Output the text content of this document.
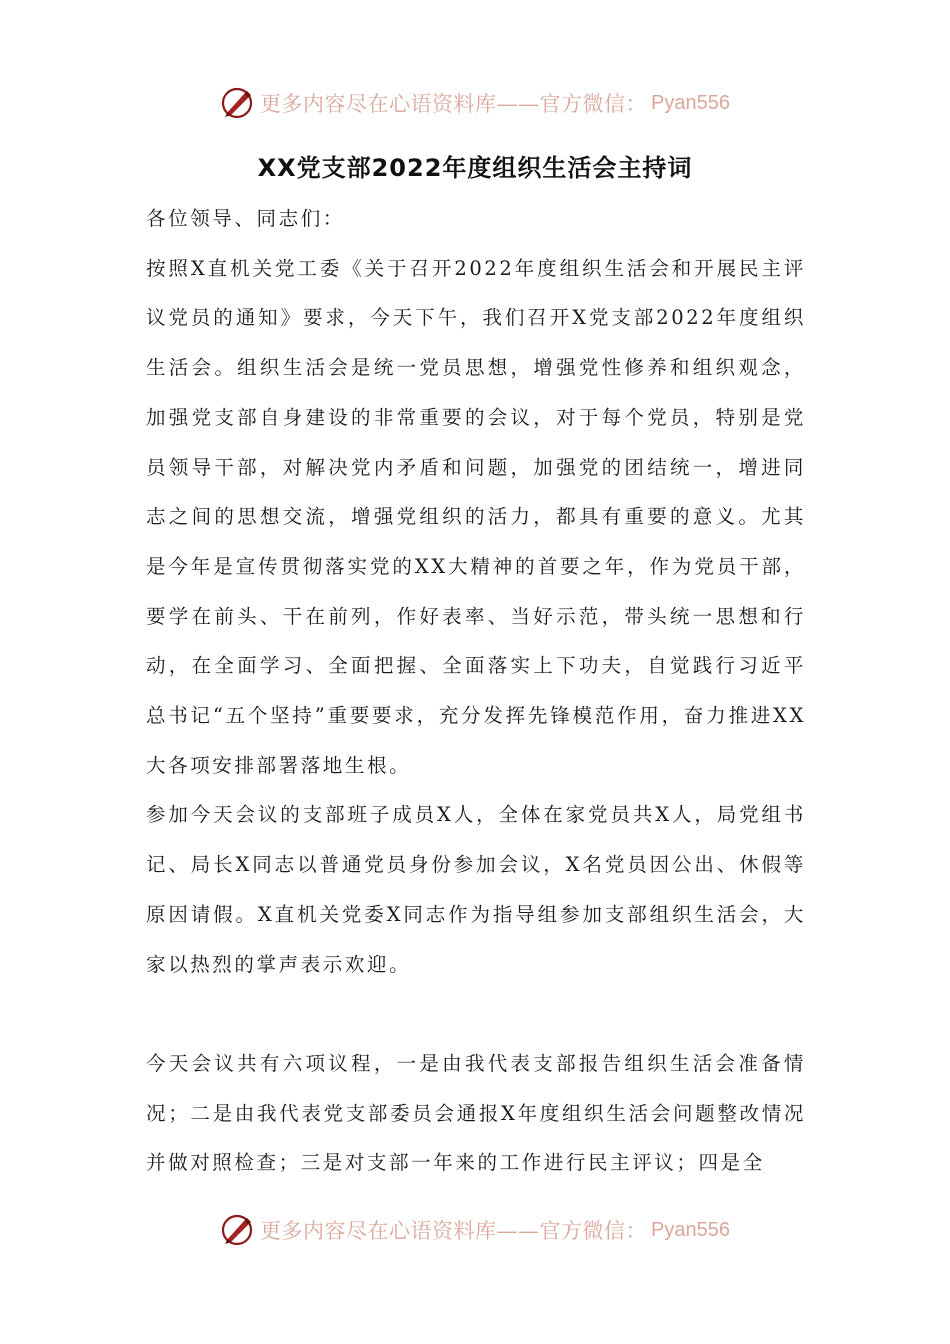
更多内容尽在心语资料库——官方微信： Pyan556
XX党支部2022年度组织生活会主持词

各位领导、同志们：

按照X直机关党工委《关于召开2022年度组织生活会和开展民主评议党员的通知》要求，今天下午，我们召开X党支部2022年度组织生活会。组织生活会是统一党员思想，增强党性修养和组织观念，加强党支部自身建设的非常重要的会议，对于每个党员，特别是党员领导干部，对解决党内矛盾和问题，加强党的团结统一，增进同志之间的思想交流，增强党组织的活力，都具有重要的意义。尤其是今年是宣传贯彻落实党的XX大精神的首要之年，作为党员干部，要学在前头、干在前列，作好表率、当好示范，带头统一思想和行动，在全面学习、全面把握、全面落实上下功夫，自觉践行习近平总书记“五个坚持”重要要求，充分发挥先锋模范作用，奋力推进XX大各项安排部署落地生根。

参加今天会议的支部班子成员X人，全体在家党员共X人，局党组书记、局长X同志以普通党员身份参加会议，X名党员因公出、休假等原因请假。X直机关党委X同志作为指导组参加支部组织生活会，大家以热烈的掌声表示欢迎。

今天会议共有六项议程，一是由我代表支部报告组织生活会准备情况；二是由我代表党支部委员会通报X年度组织生活会问题整改情况并做对照检查；三是对支部一年来的工作进行民主评议；四是全

更多内容尽在心语资料库——官方微信： Pyan556
